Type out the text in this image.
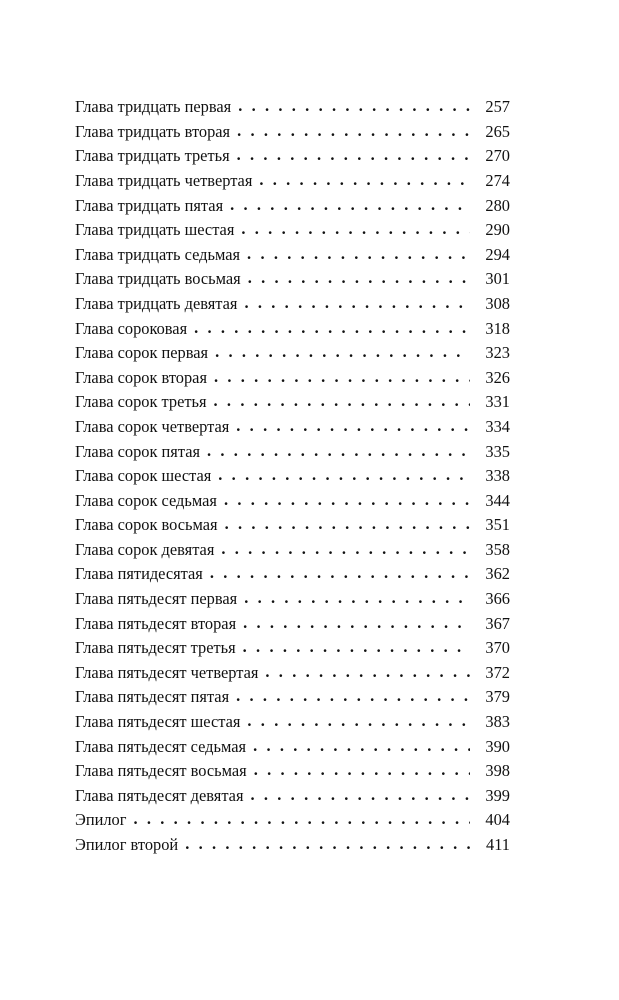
Глава тридцать первая . . .	257
Глава тридцать вторая . . .	265
Глава тридцать третья . . .	270
Глава тридцать четвертая . . .	274
Глава тридцать пятая . . .	280
Глава тридцать шестая . . .	290
Глава тридцать седьмая . . .	294
Глава тридцать восьмая . . .	301
Глава тридцать девятая . . .	308
Глава сороковая . . .	318
Глава сорок первая . . .	323
Глава сорок вторая . . .	326
Глава сорок третья . . .	331
Глава сорок четвертая . . .	334
Глава сорок пятая . . .	335
Глава сорок шестая . . .	338
Глава сорок седьмая . . .	344
Глава сорок восьмая . . .	351
Глава сорок девятая . . .	358
Глава пятидесятая . . .	362
Глава пятьдесят первая . . .	366
Глава пятьдесят вторая . . .	367
Глава пятьдесят третья . . .	370
Глава пятьдесят четвертая . . .	372
Глава пятьдесят пятая . . .	379
Глава пятьдесят шестая . . .	383
Глава пятьдесят седьмая . . .	390
Глава пятьдесят восьмая . . .	398
Глава пятьдесят девятая . . .	399
Эпилог . . .	404
Эпилог второй . . .	411
